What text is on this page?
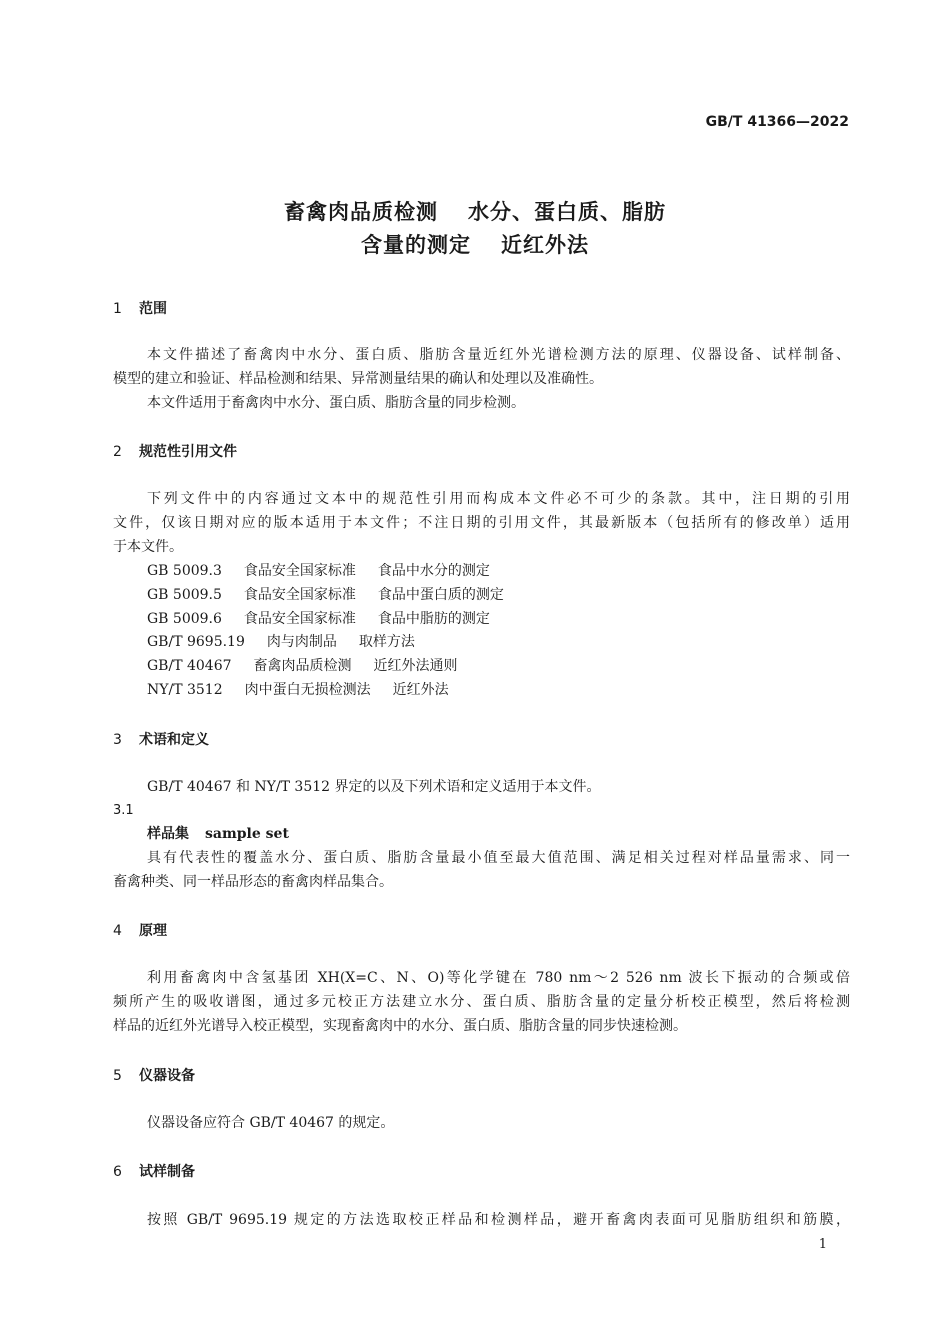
GB/T 41366—2022
畜禽肉品质检测 水分、蛋白质、脂肪
含量的测定 近红外法
1 范围
本文件描述了畜禽肉中水分、蛋白质、脂肪含量近红外光谱检测方法的原理、仪器设备、试样制备、
模型的建立和验证、样品检测和结果、异常测量结果的确认和处理以及准确性。
本文件适用于畜禽肉中水分、蛋白质、脂肪含量的同步检测。
2 规范性引用文件
下列文件中的内容通过文本中的规范性引用而构成本文件必不可少的条款。其中，注日期的引用
文件，仅该日期对应的版本适用于本文件；不注日期的引用文件，其最新版本（包括所有的修改单）适用
于本文件。
GB 5009.3 食品安全国家标准 食品中水分的测定
GB 5009.5 食品安全国家标准 食品中蛋白质的测定
GB 5009.6 食品安全国家标准 食品中脂肪的测定
GB/T 9695.19 肉与肉制品 取样方法
GB/T 40467 畜禽肉品质检测 近红外法通则
NY/T 3512 肉中蛋白无损检测法 近红外法
3 术语和定义
GB/T 40467 和 NY/T 3512 界定的以及下列术语和定义适用于本文件。
3.1
样品集 sample set
具有代表性的覆盖水分、蛋白质、脂肪含量最小值至最大值范围、满足相关过程对样品量需求、同一
畜禽种类、同一样品形态的畜禽肉样品集合。
4 原理
利用畜禽肉中含氢基团 XH(X=C、N、O)等化学键在 780 nm～2 526 nm 波长下振动的合频或倍
频所产生的吸收谱图，通过多元校正方法建立水分、蛋白质、脂肪含量的定量分析校正模型，然后将检测
样品的近红外光谱导入校正模型，实现畜禽肉中的水分、蛋白质、脂肪含量的同步快速检测。
5 仪器设备
仪器设备应符合 GB/T 40467 的规定。
6 试样制备
按照 GB/T 9695.19 规定的方法选取校正样品和检测样品，避开畜禽肉表面可见脂肪组织和筋膜，
1
